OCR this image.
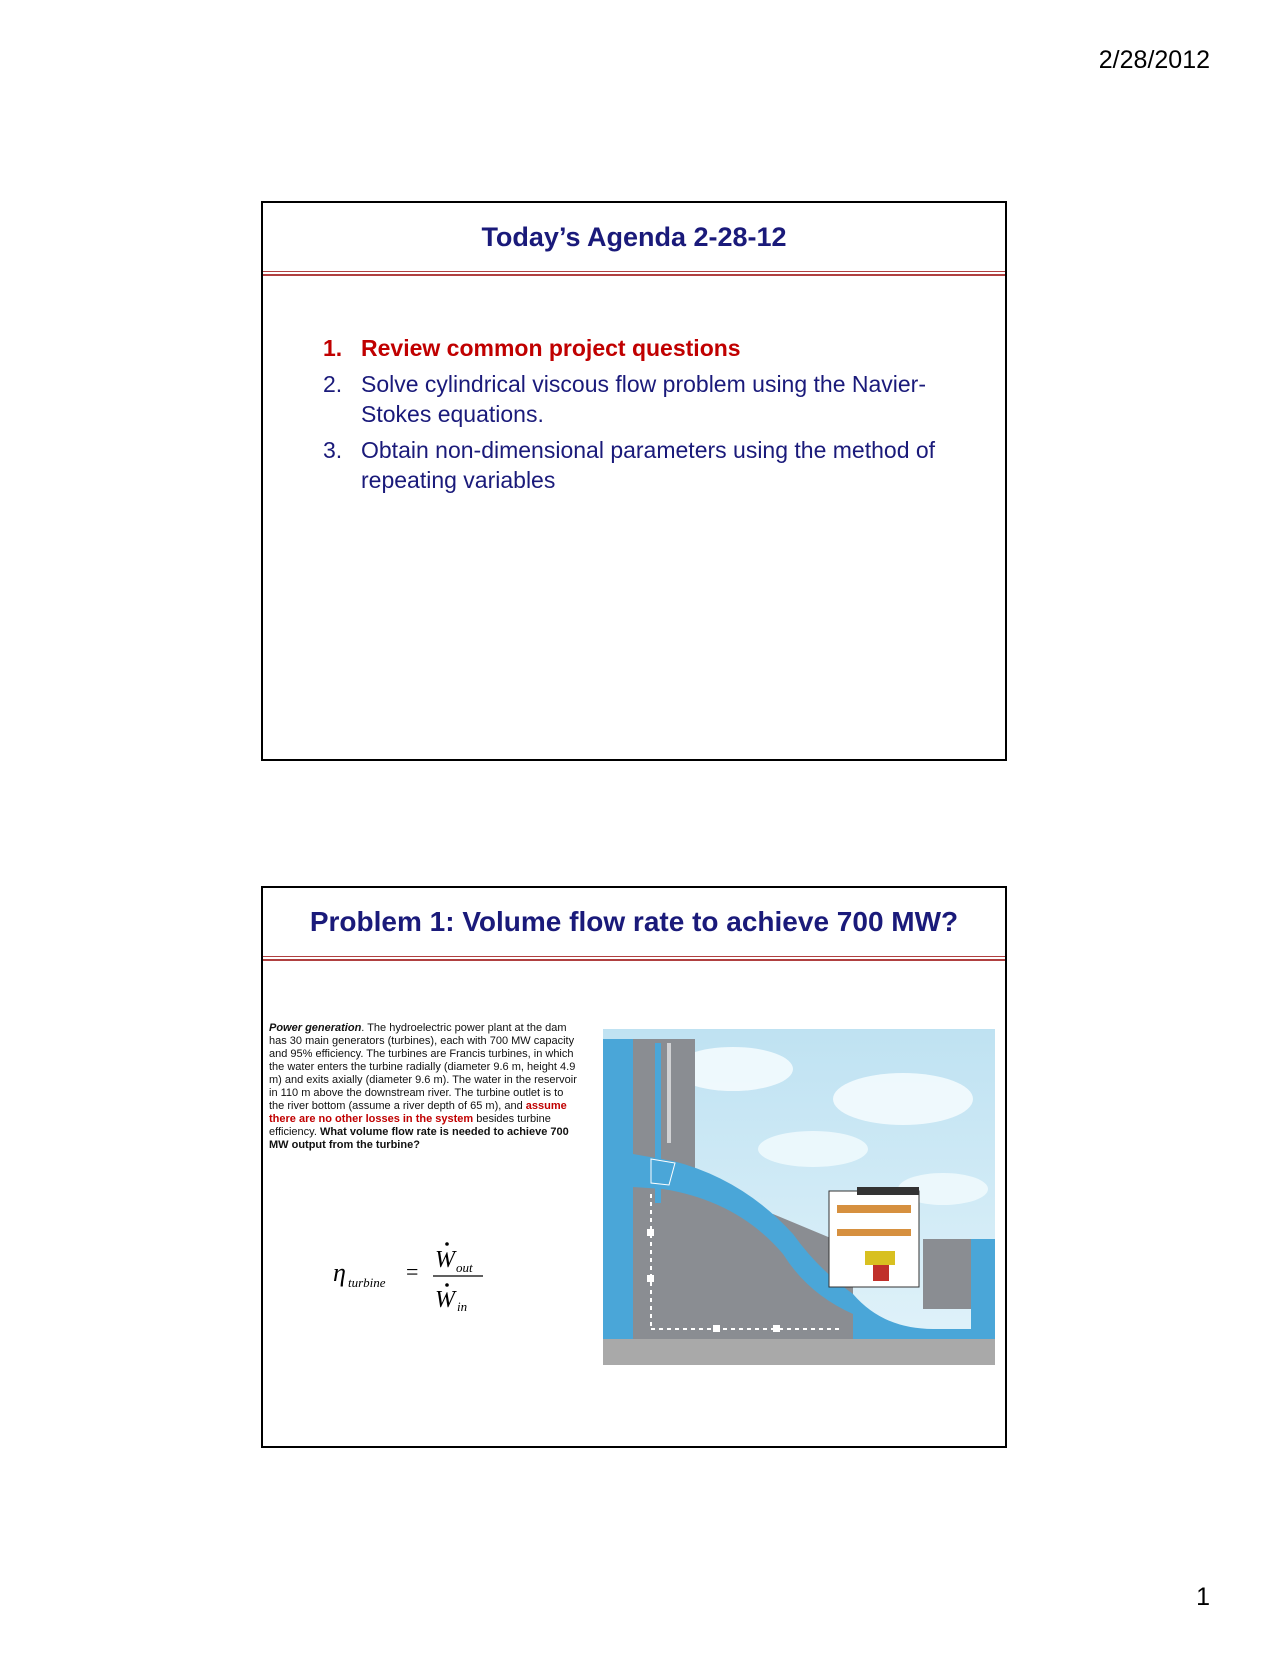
2/28/2012
Today’s Agenda 2-28-12
1. Review common project questions
2. Solve cylindrical viscous flow problem using the Navier-Stokes equations.
3. Obtain non-dimensional parameters using the method of repeating variables
Problem 1: Volume flow rate to achieve 700 MW?
Power generation. The hydroelectric power plant at the dam has 30 main generators (turbines), each with 700 MW capacity and 95% efficiency. The turbines are Francis turbines, in which the water enters the turbine radially (diameter 9.6 m, height 4.9 m) and exits axially (diameter 9.6 m). The water in the reservoir in 110 m above the downstream river. The turbine outlet is to the river bottom (assume a river depth of 65 m), and assume there are no other losses in the system besides turbine efficiency. What volume flow rate is needed to achieve 700 MW output from the turbine?
η turbine = W out
W in
1
